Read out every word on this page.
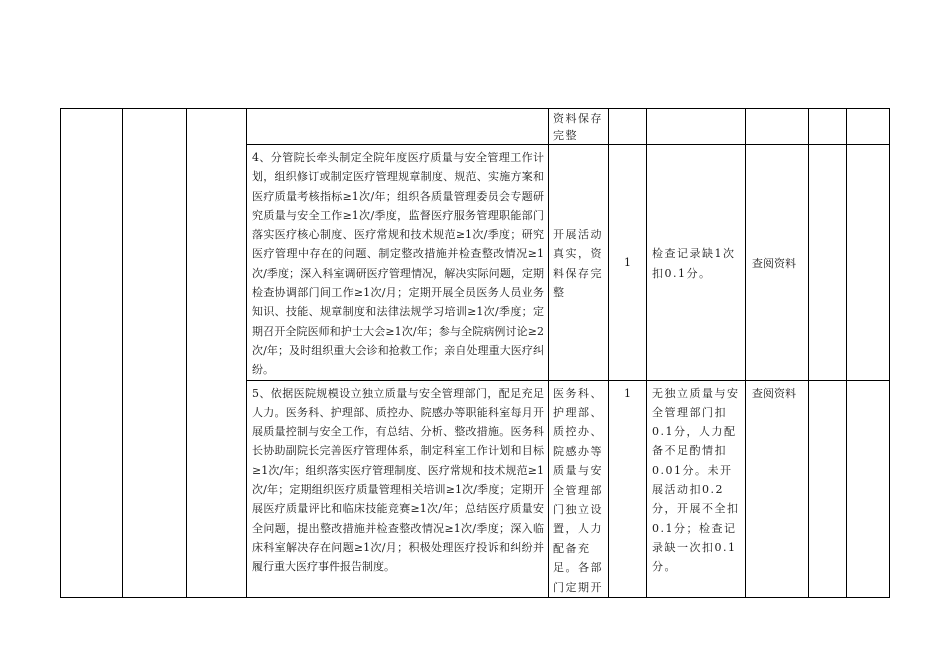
				资料保存完整					

			4、分管院长牵头制定全院年度医疗质量与安全管理工作计划，组织修订或制定医疗管理规章制度、规范、实施方案和医疗质量考核指标≥1次/年；组织各质量管理委员会专题研究质量与安全工作≥1次/季度，监督医疗服务管理职能部门落实医疗核心制度、医疗常规和技术规范≥1次/季度；研究医疗管理中存在的问题、制定整改措施并检查整改情况≥1次/季度；深入科室调研医疗管理情况，解决实际问题，定期检查协调部门间工作≥1次/月；定期开展全员医务人员业务知识、技能、规章制度和法律法规学习培训≥1次/季度；定期召开全院医师和护士大会≥1次/年；参与全院病例讨论≥2次/年；及时组织重大会诊和抢救工作；亲自处理重大医疗纠纷。	开展活动真实，资料保存完整	1	检查记录缺1次扣0.1分。	查阅资料		

			5、依据医院规模设立独立质量与安全管理部门，配足充足人力。医务科、护理部、质控办、院感办等职能科室每月开展质量控制与安全工作，有总结、分析、整改措施。医务科长协助副院长完善医疗管理体系，制定科室工作计划和目标≥1次/年；组织落实医疗管理制度、医疗常规和技术规范≥1次/年；定期组织医疗质量管理相关培训≥1次/季度；定期开展医疗质量评比和临床技能竞赛≥1次/年；总结医疗质量安全问题，提出整改措施并检查整改情况≥1次/季度；深入临床科室解决存在问题≥1次/月；积极处理医疗投诉和纠纷并履行重大医疗事件报告制度。	医务科、护理部、质控办、院感办等质量与安全管理部门独立设置，人力配备充足。各部门定期开	1	无独立质量与安全管理部门扣0.1分，人力配备不足酌情扣0.01分。未开展活动扣0.2分，开展不全扣0.1分；检查记录缺一次扣0.1分。	查阅资料		
